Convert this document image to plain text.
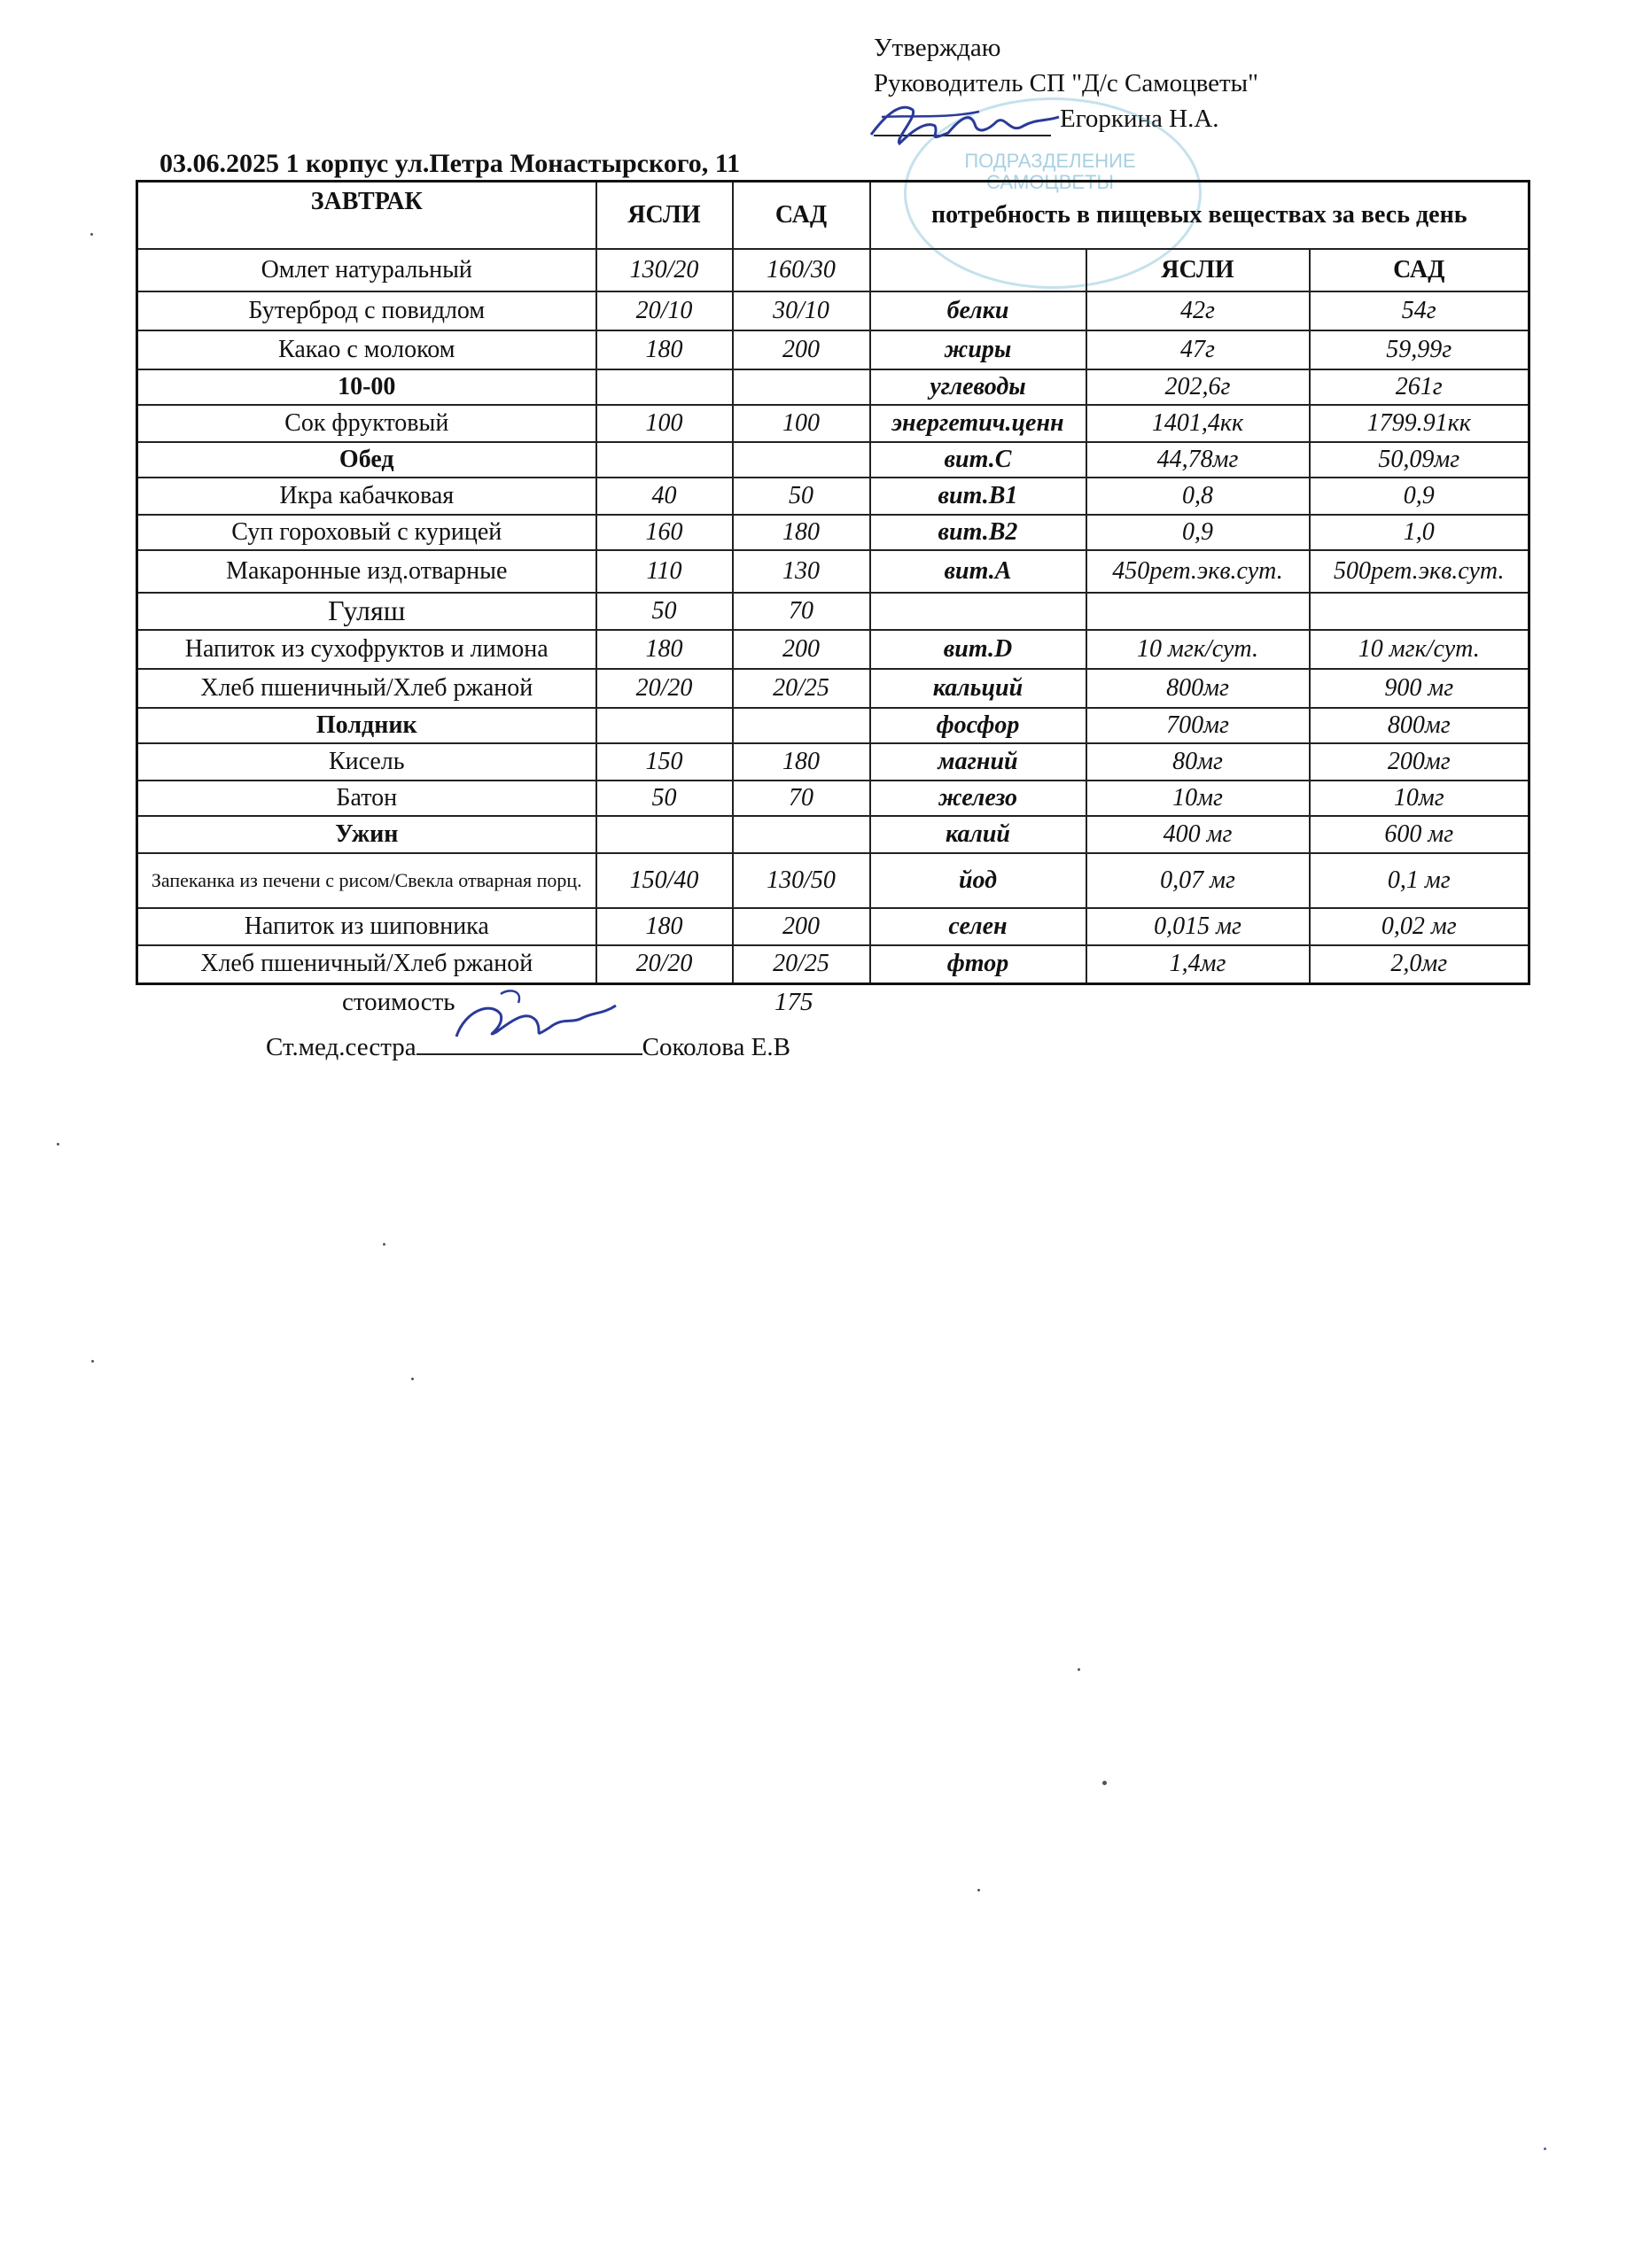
Утверждаю
Руководитель СП "Д/с Самоцветы"
Егоркина Н.А.
ПОДРАЗДЕЛЕНИЕ
САМОЦВЕТЫ
03.06.2025 1 корпус ул.Петра Монастырского, 11
ЗАВТРАК	ЯСЛИ	САД	потребность в пищевых веществах за весь день		
Омлет натуральный	130/20	160/30		ЯСЛИ	САД
Бутерброд с повидлом	20/10	30/10	белки	42г	54г
Какао с молоком	180	200	жиры	47г	59,99г
10-00			углеводы	202,6г	261г
Сок фруктовый	100	100	энергетич.ценн	1401,4кк	1799.91кк
Обед			вит.С	44,78мг	50,09мг
Икра кабачковая	40	50	вит.В1	0,8	0,9
Суп гороховый с курицей	160	180	вит.В2	0,9	1,0
Макаронные изд.отварные	110	130	вит.А	450рет.экв.сут.	500рет.экв.сут.
Гуляш	50	70			
Напиток из сухофруктов и лимона	180	200	вит.D	10 мгк/сут.	10 мгк/сут.
Хлеб пшеничный/Хлеб ржаной	20/20	20/25	кальций	800мг	900 мг
Полдник			фосфор	700мг	800мг
Кисель	150	180	магний	80мг	200мг
Батон	50	70	железо	10мг	10мг
Ужин			калий	400 мг	600 мг
Запеканка из печени с рисом/Свекла отварная порц.	150/40	130/50	йод	0,07 мг	0,1 мг
Напиток из шиповника	180	200	селен	0,015 мг	0,02 мг
Хлеб пшеничный/Хлеб ржаной	20/20	20/25	фтор	1,4мг	2,0мг
стоимость	175
Ст.мед.сестра	Соколова Е.В
